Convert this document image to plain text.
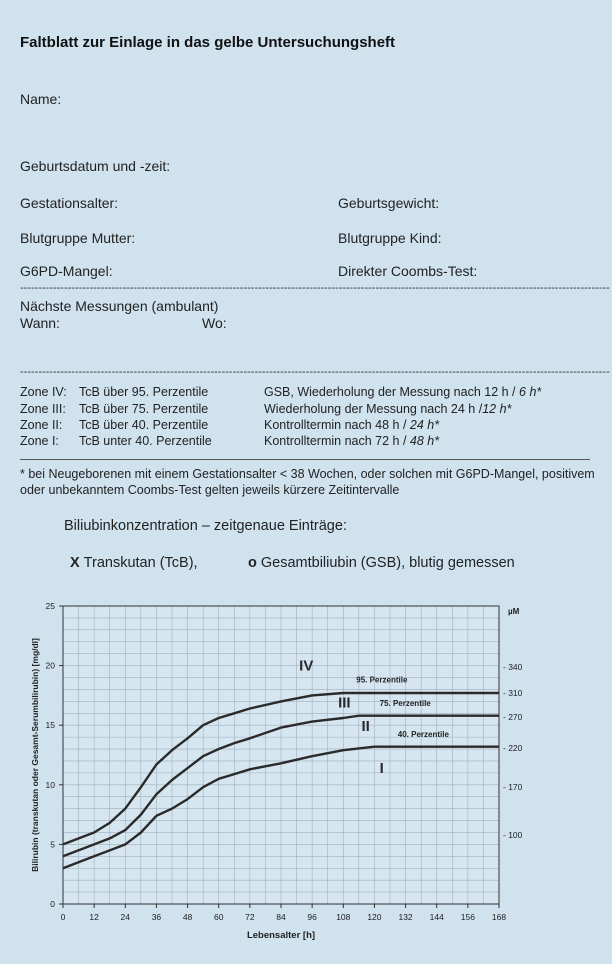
Faltblatt zur Einlage in das gelbe Untersuchungsheft
Name:
Geburtsdatum und -zeit:
Gestationsalter:	Geburtsgewicht:
Blutgruppe Mutter:	Blutgruppe Kind:
G6PD-Mangel:	Direkter Coombs-Test:
-----------------------------------------------------------------------------------------------------------------------------------------------------------------
Nächste Messungen (ambulant)
Wann:	Wo:
-----------------------------------------------------------------------------------------------------------------------------------------------------------------
Zone IV: TcB über 95. Perzentile	GSB, Wiederholung der Messung nach 12 h / 6 h*
Zone III: TcB über 75. Perzentile	Wiederholung der Messung nach 24 h /12 h*
Zone II: TcB über 40. Perzentile	Kontrolltermin nach 48 h / 24 h*
Zone I: TcB unter 40. Perzentile	Kontrolltermin nach 72 h / 48 h*
* bei Neugeborenen mit einem Gestationsalter < 38 Wochen, oder solchen mit G6PD-Mangel, positivem oder unbekanntem Coombs-Test gelten jeweils kürzere Zeitintervalle
Biliubinkonzentration – zeitgenaue Einträge:
X Transkutan (TcB),	o Gesamtbiliubin (GSB), blutig gemessen
0	12	24	36	48	60	72	84	96 108 120 132 144 156 168
0
5
10
15
20
25
µM
- 340
- 310
- 270
- 220
- 170
- 100
Lebensalter [h]
Bilirubin (transkutan oder Gesamt-Serumbilirubin) [mg/dl]	95. Perzentile
75. Perzentile
40. Perzentile
IV
III
II
I
